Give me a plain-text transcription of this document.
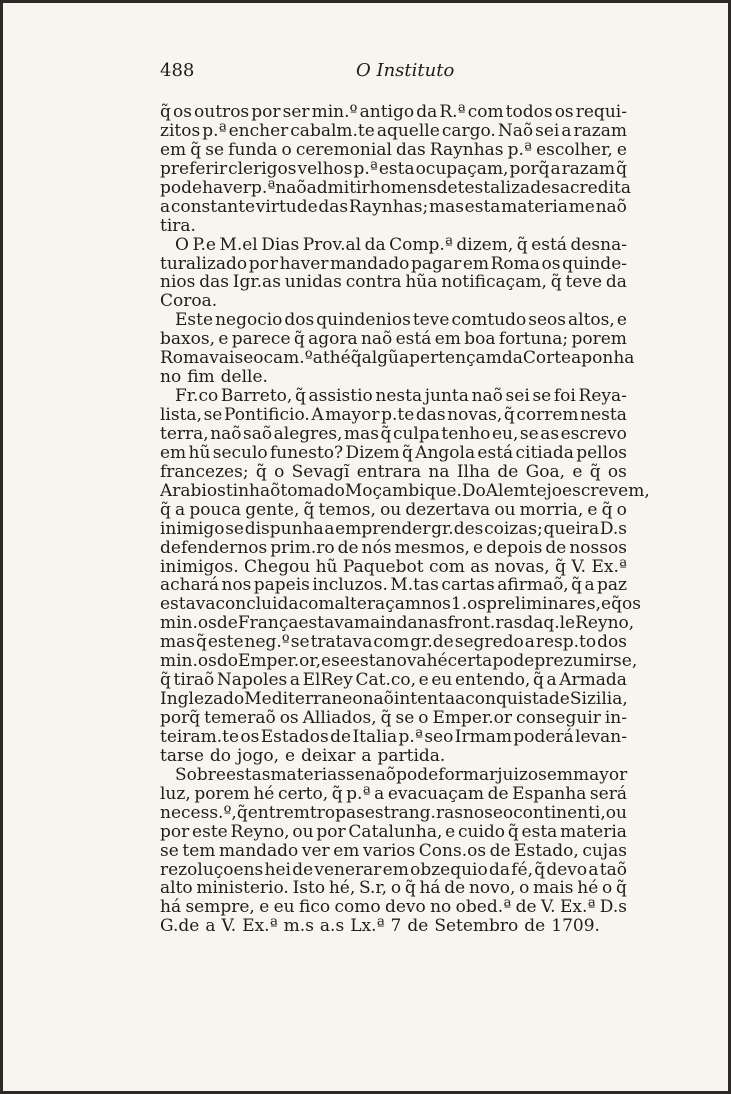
488	O Instituto
q̃ os outros por ser min.º antigo da R.ª com todos os requi-
zitos p.ª encher cabalm.te aquelle cargo. Naõ sei a razam
em q̃ se funda o ceremonial das Raynhas p.ª escolher, e
preferir clerigos velhos p.ª esta ocupaçam, porq̃ a razam q̃
pode haver p.ª naõ admitir homens de testa liza desacredita
a constante virtude das Raynhas; mas esta materia me naõ
tira.
O P.e M.el Dias Prov.al da Comp.ª dizem, q̃ está desna-
turalizado por haver mandado pagar em Roma os quinde-
nios das Igr.as unidas contra hũa notificaçam, q̃ teve da
Coroa.
Este negocio dos quindenios teve comtudo seos altos, e
baxos, e parece q̃ agora naõ está em boa fortuna; porem
Roma vai seo cam.º athé q̃ algũa pertençam da Corte a ponha
no fim delle.
Fr.co Barreto, q̃ assistio nesta junta naõ sei se foi Reya-
lista, se Pontificio. A mayor p.te das novas, q̃ correm nesta
terra, naõ saõ alegres, mas q̃ culpa tenho eu, se as escrevo
em hũ seculo funesto? Dizem q̃ Angola está citiada pellos
francezes; q̃ o Sevagĩ entrara na Ilha de Goa, e q̃ os
Arabios tinhaõ tomado Moçambique. Do Alemtejo escrevem,
q̃ a pouca gente, q̃ temos, ou dezertava ou morria, e q̃ o
inimigo se dispunha a emprender gr.des coizas; queira D.s
defendernos prim.ro de nós mesmos, e depois de nossos
inimigos. Chegou hũ Paquebot com as novas, q̃ V. Ex.ª
achará nos papeis incluzos. M.tas cartas afirmaõ, q̃ a paz
estava concluida com alteraçam nos 1.os preliminares, e q̃ os
min.os de França estavam ainda nas front.ras daq.le Reyno,
mas q̃ este neg.º se tratava com gr.de segredo a resp.to dos
min.os do Emper.or, e se esta nova hé certa pode prezumirse,
q̃ tiraõ Napoles a ElRey Cat.co, e eu entendo, q̃ a Armada
Ingleza do Mediterraneo naõ intenta a conquista de Sizilia,
porq̃ temeraõ os Alliados, q̃ se o Emper.or conseguir in-
teiram.te os Estados de Italia p.ª seo Irmam poderá levan-
tarse do jogo, e deixar a partida.
Sobre estas materias se naõ pode formar juizo sem mayor
luz, porem hé certo, q̃ p.ª a evacuaçam de Espanha será
necess.º, q̃ entrem tropas estrang.ras no seo continenti, ou
por este Reyno, ou por Catalunha, e cuido q̃ esta materia
se tem mandado ver em varios Cons.os de Estado, cujas
rezoluçoens hei de venerar em obzequio da fé, q̃ devo a taõ
alto ministerio. Isto hé, S.r, o q̃ há de novo, o mais hé o q̃
há sempre, e eu fico como devo no obed.ª de V. Ex.ª D.s
G.de a V. Ex.ª m.s a.s Lx.ª 7 de Setembro de 1709.
